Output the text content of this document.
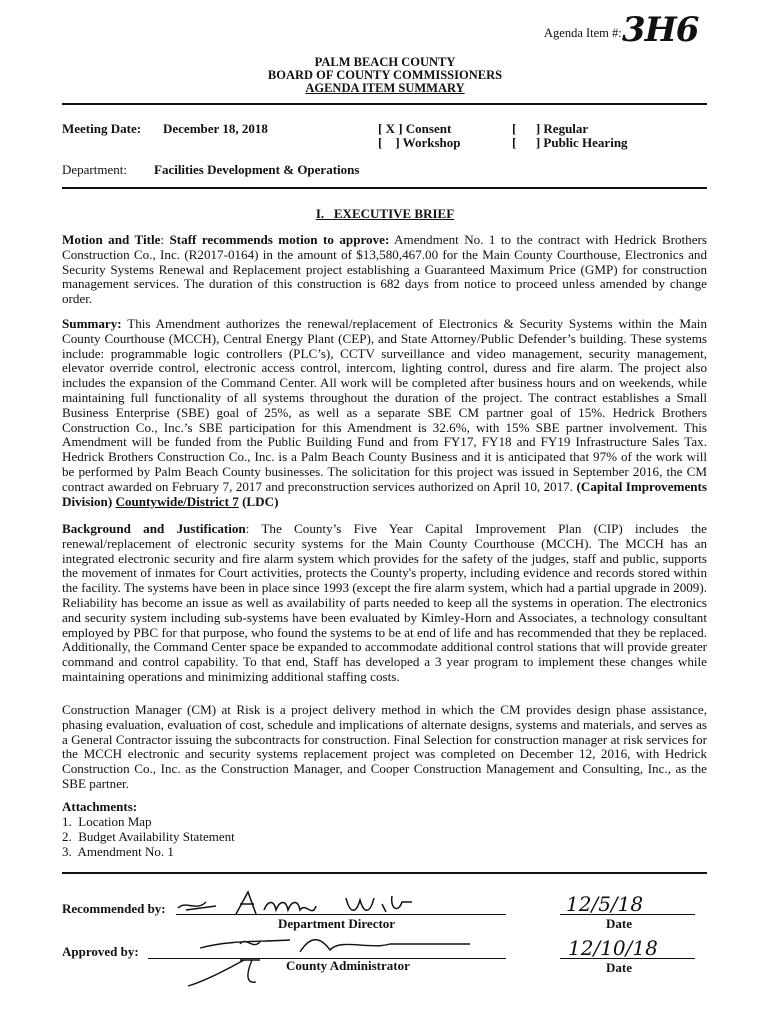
Agenda Item #: 3H6
PALM BEACH COUNTY
BOARD OF COUNTY COMMISSIONERS
AGENDA ITEM SUMMARY
Meeting Date: December 18, 2018	[ X ] Consent
[    ] Workshop
[      ] Regular
[      ] Public Hearing
Department: Facilities Development & Operations
I.   EXECUTIVE BRIEF
Motion and Title: Staff recommends motion to approve: Amendment No. 1 to the contract with Hedrick Brothers Construction Co., Inc. (R2017-0164) in the amount of $13,580,467.00 for the Main County Courthouse, Electronics and Security Systems Renewal and Replacement project establishing a Guaranteed Maximum Price (GMP) for construction management services. The duration of this construction is 682 days from notice to proceed unless amended by change order.
Summary: This Amendment authorizes the renewal/replacement of Electronics & Security Systems within the Main County Courthouse (MCCH), Central Energy Plant (CEP), and State Attorney/Public Defender’s building. These systems include: programmable logic controllers (PLC’s), CCTV surveillance and video management, security management, elevator override control, electronic access control, intercom, lighting control, duress and fire alarm. The project also includes the expansion of the Command Center. All work will be completed after business hours and on weekends, while maintaining full functionality of all systems throughout the duration of the project. The contract establishes a Small Business Enterprise (SBE) goal of 25%, as well as a separate SBE CM partner goal of 15%. Hedrick Brothers Construction Co., Inc.’s SBE participation for this Amendment is 32.6%, with 15% SBE partner involvement. This Amendment will be funded from the Public Building Fund and from FY17, FY18 and FY19 Infrastructure Sales Tax. Hedrick Brothers Construction Co., Inc. is a Palm Beach County Business and it is anticipated that 97% of the work will be performed by Palm Beach County businesses. The solicitation for this project was issued in September 2016, the CM contract awarded on February 7, 2017 and preconstruction services authorized on April 10, 2017. (Capital Improvements Division) Countywide/District 7 (LDC)
Background and Justification: The County’s Five Year Capital Improvement Plan (CIP) includes the renewal/replacement of electronic security systems for the Main County Courthouse (MCCH). The MCCH has an integrated electronic security and fire alarm system which provides for the safety of the judges, staff and public, supports the movement of inmates for Court activities, protects the County's property, including evidence and records stored within the facility. The systems have been in place since 1993 (except the fire alarm system, which had a partial upgrade in 2009). Reliability has become an issue as well as availability of parts needed to keep all the systems in operation. The electronics and security system including sub-systems have been evaluated by Kimley-Horn and Associates, a technology consultant employed by PBC for that purpose, who found the systems to be at end of life and has recommended that they be replaced. Additionally, the Command Center space be expanded to accommodate additional control stations that will provide greater command and control capability. To that end, Staff has developed a 3 year program to implement these changes while maintaining operations and minimizing additional staffing costs.
Construction Manager (CM) at Risk is a project delivery method in which the CM provides design phase assistance, phasing evaluation, evaluation of cost, schedule and implications of alternate designs, systems and materials, and serves as a General Contractor issuing the subcontracts for construction. Final Selection for construction manager at risk services for the MCCH electronic and security systems replacement project was completed on December 12, 2016, with Hedrick Construction Co., Inc. as the Construction Manager, and Cooper Construction Management and Consulting, Inc., as the SBE partner.
Attachments:
1.  Location Map
2.  Budget Availability Statement
3.  Amendment No. 1
Recommended by:
Department Director
12/5/18
Date
Approved by:
County Administrator
12/10/18
Date
